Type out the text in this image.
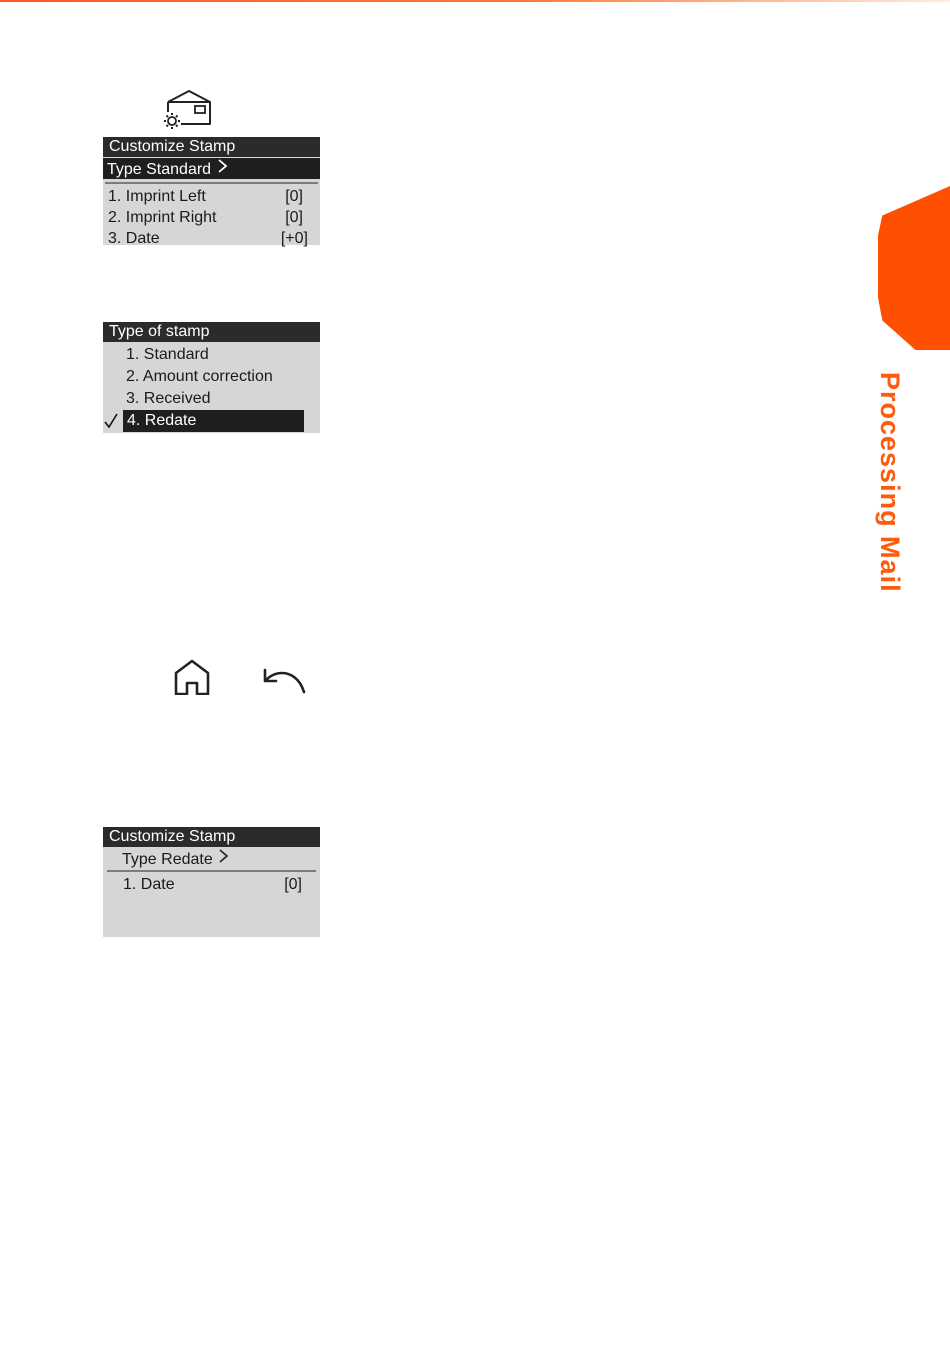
Customize Stamp
Type Standard
1. Imprint Left	[0]
2. Imprint Right	[0]
3. Date	[+0]
Type of stamp
1. Standard
2. Amount correction
3. Received
4. Redate
Customize Stamp
Type Redate
1. Date	[0]
Processing Mail
